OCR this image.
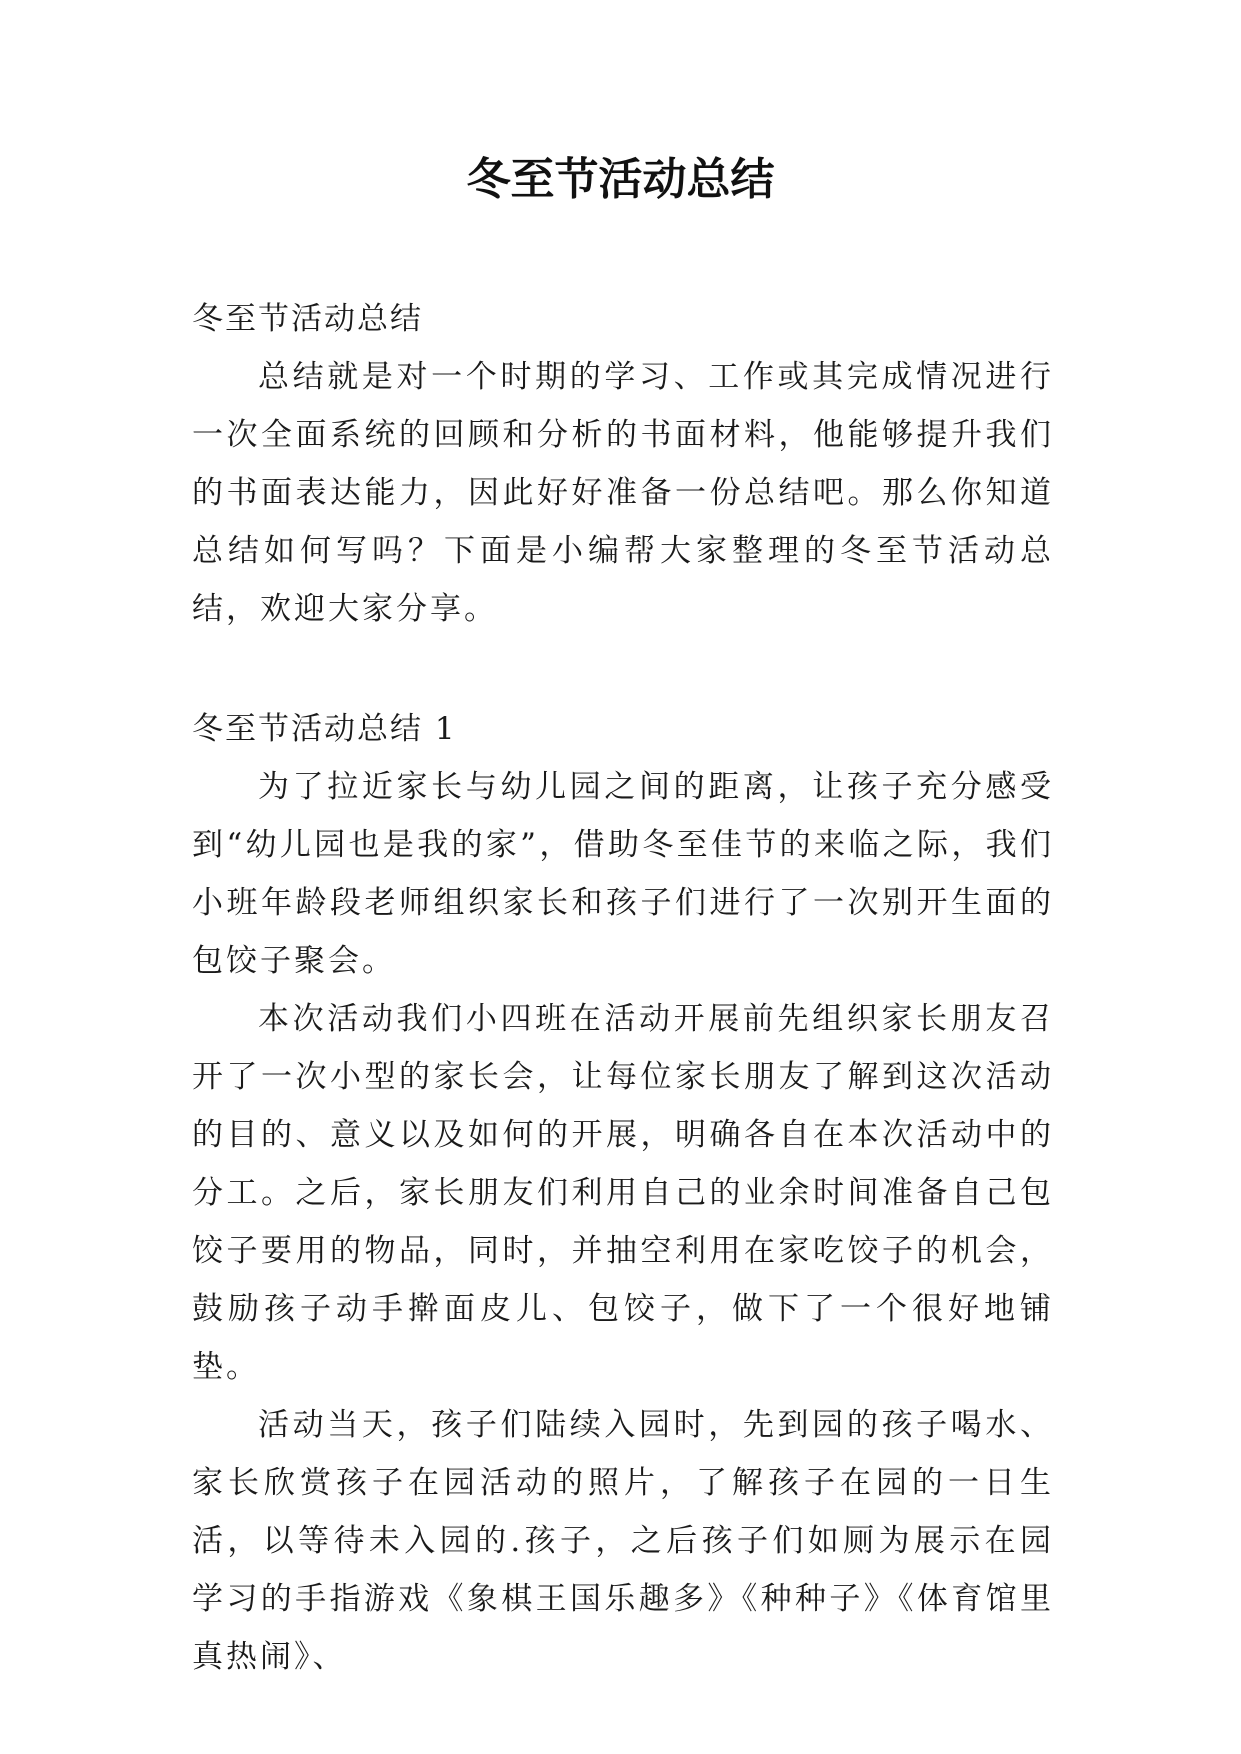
冬至节活动总结

冬至节活动总结

总结就是对一个时期的学习、工作或其完成情况进行一次全面系统的回顾和分析的书面材料，他能够提升我们的书面表达能力，因此好好准备一份总结吧。那么你知道总结如何写吗？下面是小编帮大家整理的冬至节活动总结，欢迎大家分享。

冬至节活动总结 1

为了拉近家长与幼儿园之间的距离，让孩子充分感受到“幼儿园也是我的家”，借助冬至佳节的来临之际，我们小班年龄段老师组织家长和孩子们进行了一次别开生面的包饺子聚会。

本次活动我们小四班在活动开展前先组织家长朋友召开了一次小型的家长会，让每位家长朋友了解到这次活动的目的、意义以及如何的开展，明确各自在本次活动中的分工。之后，家长朋友们利用自己的业余时间准备自己包饺子要用的物品，同时，并抽空利用在家吃饺子的机会，鼓励孩子动手擀面皮儿、包饺子，做下了一个很好地铺垫。

活动当天，孩子们陆续入园时，先到园的孩子喝水、家长欣赏孩子在园活动的照片，了解孩子在园的一日生活，以等待未入园的.孩子，之后孩子们如厕为展示在园学习的手指游戏《象棋王国乐趣多》《种种子》《体育馆里真热闹》、
